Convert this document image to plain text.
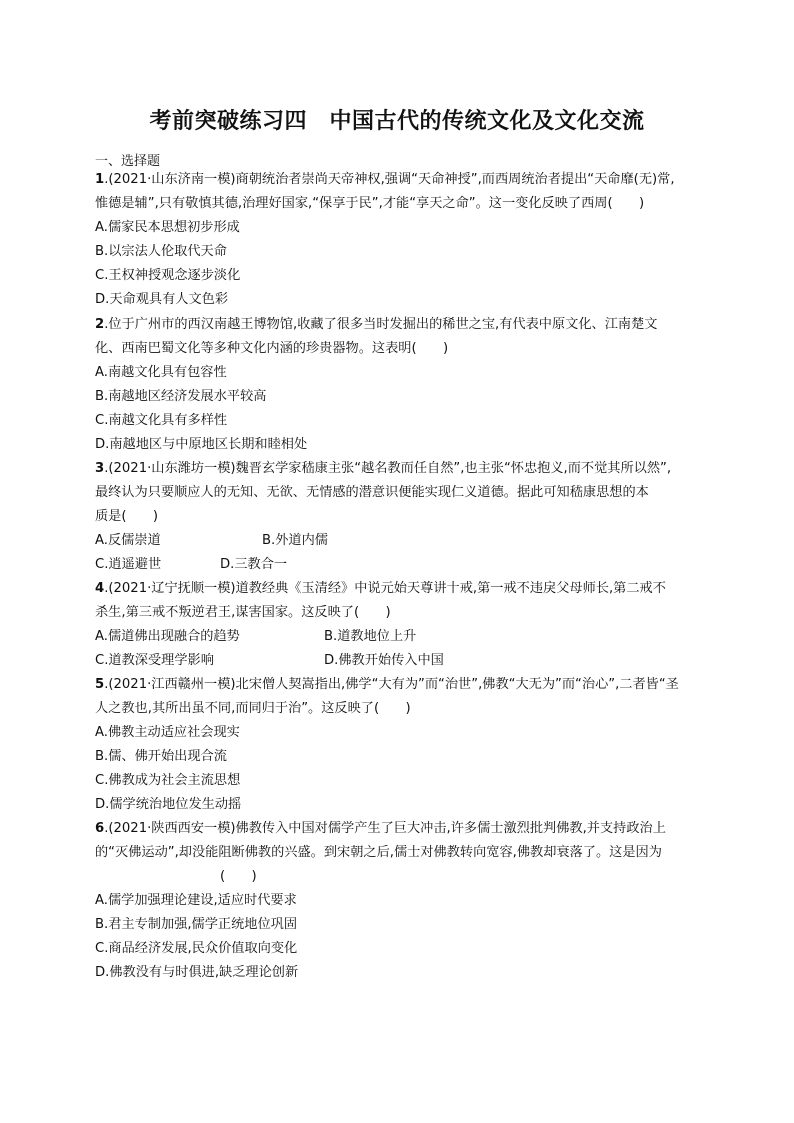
考前突破练习四　中国古代的传统文化及文化交流
一、选择题
1.(2021·山东济南一模)商朝统治者崇尚天帝神权,强调“天命神授”,而西周统治者提出“天命靡(无)常,
惟德是辅”,只有敬慎其德,治理好国家,“保享于民”,才能“享天之命”。这一变化反映了西周(　　)
A.儒家民本思想初步形成
B.以宗法人伦取代天命
C.王权神授观念逐步淡化
D.天命观具有人文色彩
2.位于广州市的西汉南越王博物馆,收藏了很多当时发掘出的稀世之宝,有代表中原文化、江南楚文
化、西南巴蜀文化等多种文化内涵的珍贵器物。这表明(　　)
A.南越文化具有包容性
B.南越地区经济发展水平较高
C.南越文化具有多样性
D.南越地区与中原地区长期和睦相处
3.(2021·山东潍坊一模)魏晋玄学家嵇康主张“越名教而任自然”,也主张“怀忠抱义,而不觉其所以然”,
最终认为只要顺应人的无知、无欲、无情感的潜意识便能实现仁义道德。据此可知嵇康思想的本
质是(　　)
A.反儒崇道	B.外道内儒
C.逍遥避世	D.三教合一
4.(2021·辽宁抚顺一模)道教经典《玉清经》中说元始天尊讲十戒,第一戒不违戾父母师长,第二戒不
杀生,第三戒不叛逆君王,谋害国家。这反映了(　　)
A.儒道佛出现融合的趋势	B.道教地位上升
C.道教深受理学影响	D.佛教开始传入中国
5.(2021·江西赣州一模)北宋僧人契嵩指出,佛学“大有为”而“治世”,佛教“大无为”而“治心”,二者皆“圣
人之教也,其所出虽不同,而同归于治”。这反映了(　　)
A.佛教主动适应社会现实
B.儒、佛开始出现合流
C.佛教成为社会主流思想
D.儒学统治地位发生动摇
6.(2021·陕西西安一模)佛教传入中国对儒学产生了巨大冲击,许多儒士激烈批判佛教,并支持政治上
的“灭佛运动”,却没能阻断佛教的兴盛。到宋朝之后,儒士对佛教转向宽容,佛教却衰落了。这是因为
(　　)
A.儒学加强理论建设,适应时代要求
B.君主专制加强,儒学正统地位巩固
C.商品经济发展,民众价值取向变化
D.佛教没有与时俱进,缺乏理论创新
